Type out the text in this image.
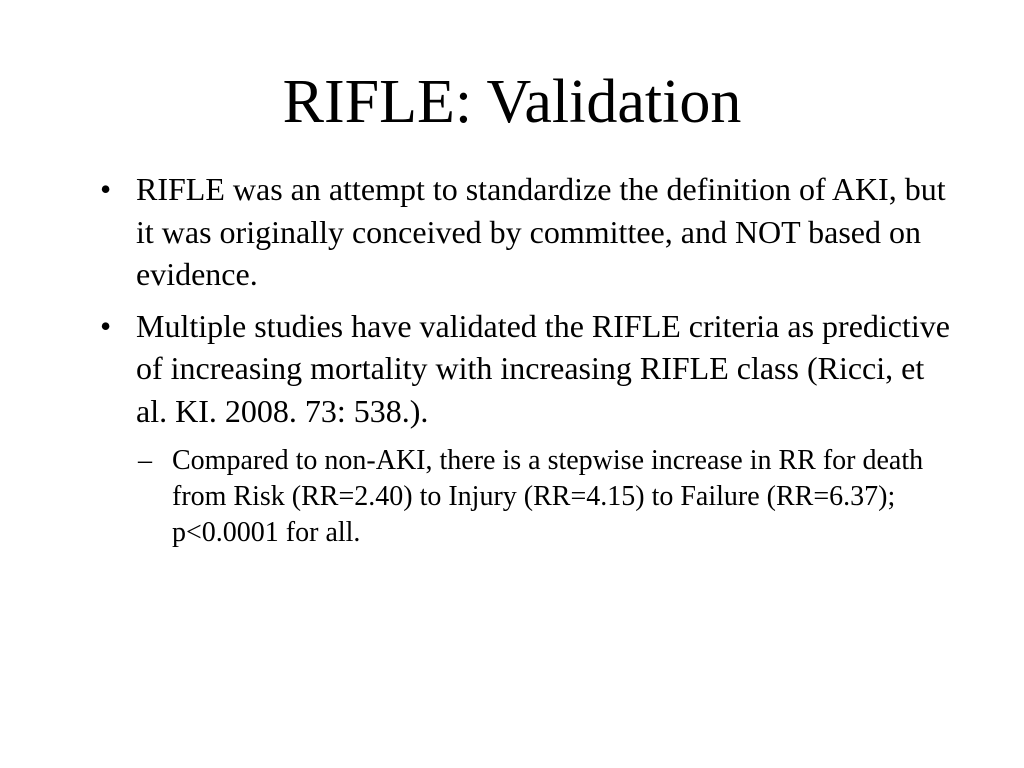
RIFLE: Validation
• RIFLE was an attempt to standardize the definition of AKI, but it was originally conceived by committee, and NOT based on evidence.
• Multiple studies have validated the RIFLE criteria as predictive of increasing mortality with increasing RIFLE class (Ricci, et al. KI. 2008. 73: 538.).
– Compared to non-AKI, there is a stepwise increase in RR for death from Risk (RR=2.40) to Injury (RR=4.15) to Failure (RR=6.37); p<0.0001 for all.
